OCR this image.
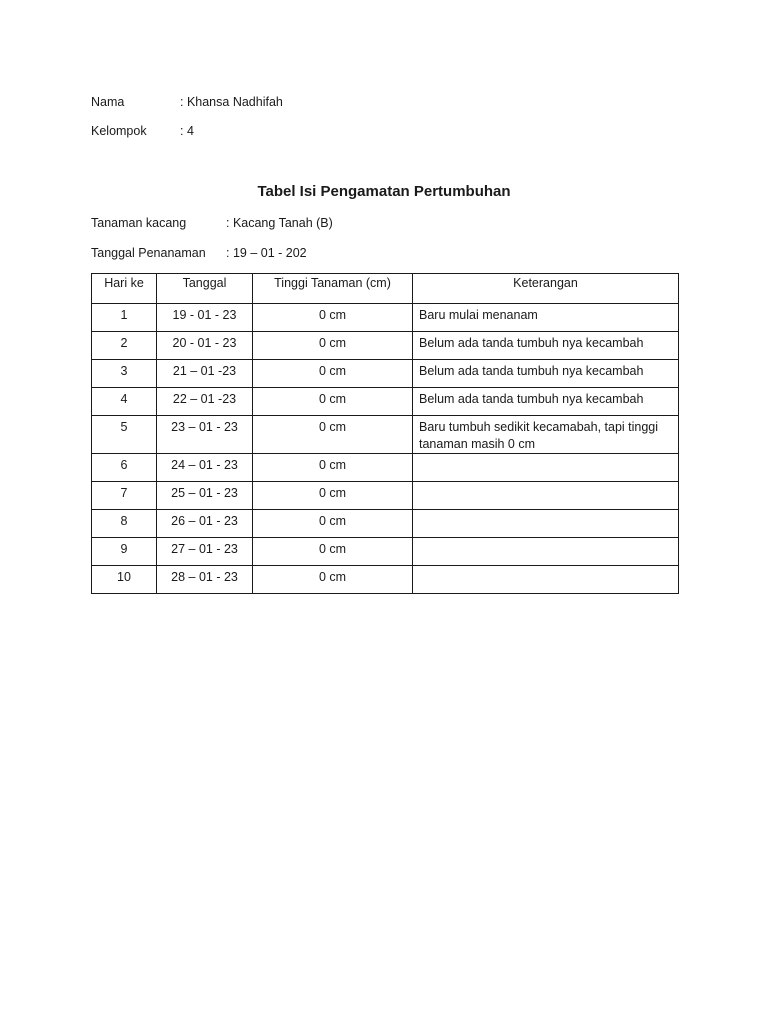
Nama	: Khansa Nadhifah
Kelompok	: 4
Tabel Isi Pengamatan Pertumbuhan
Tanaman kacang	: Kacang Tanah (B)
Tanggal Penanaman : 19 – 01 - 202
Hari ke	Tanggal	Tinggi Tanaman (cm)	Keterangan
1	19 - 01 - 23	0 cm	Baru mulai menanam
2	20 - 01 - 23	0 cm	Belum ada tanda tumbuh nya kecambah
3	21 – 01 -23	0 cm	Belum ada tanda tumbuh nya kecambah
4	22 – 01 -23	0 cm	Belum ada tanda tumbuh nya kecambah
5	23 – 01 - 23	0 cm	Baru tumbuh sedikit kecamabah, tapi tinggi tanaman masih 0 cm
6	24 – 01 - 23	0 cm	
7	25 – 01 - 23	0 cm	
8	26 – 01 - 23	0 cm	
9	27 – 01 - 23	0 cm	
10	28 – 01 - 23	0 cm	
